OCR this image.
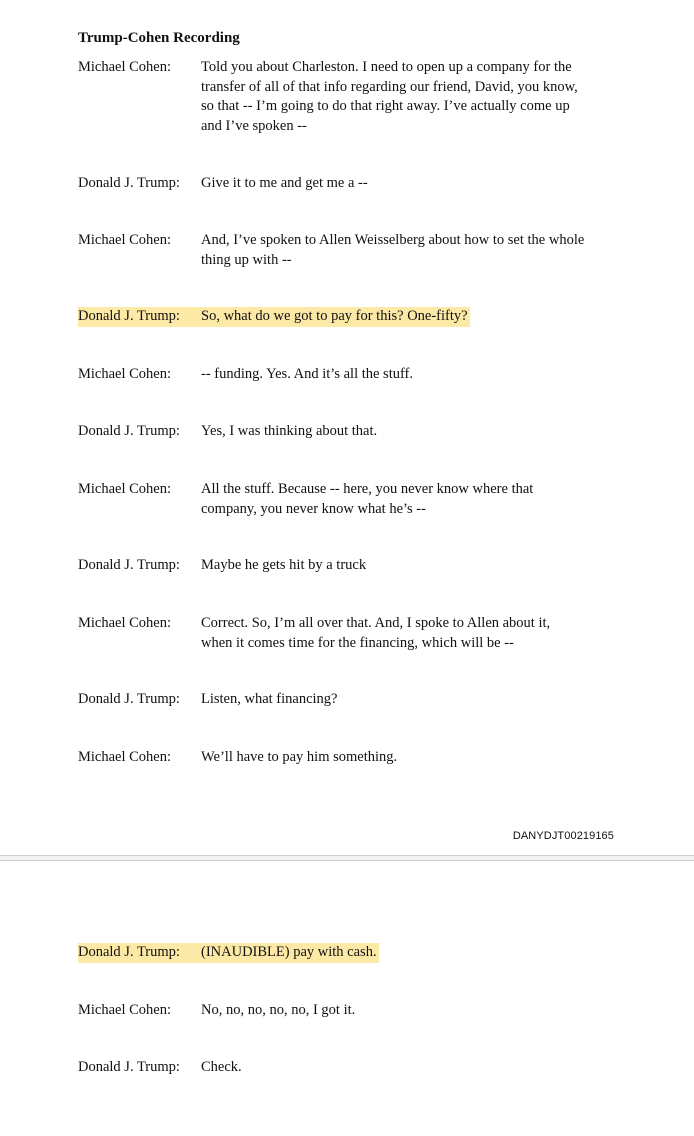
Trump-Cohen Recording
Michael Cohen: Told you about Charleston. I need to open up a company for the
transfer of all of that info regarding our friend, David, you know,
so that -- I’m going to do that right away. I’ve actually come up
and I’ve spoken --
Donald J. Trump: Give it to me and get me a --
Michael Cohen: And, I’ve spoken to Allen Weisselberg about how to set the whole
thing up with --
Donald J. Trump: So, what do we got to pay for this? One-fifty?
Michael Cohen: -- funding. Yes. And it’s all the stuff.
Donald J. Trump: Yes, I was thinking about that.
Michael Cohen: All the stuff. Because -- here, you never know where that
company, you never know what he’s --
Donald J. Trump: Maybe he gets hit by a truck
Michael Cohen: Correct. So, I’m all over that. And, I spoke to Allen about it,
when it comes time for the financing, which will be --
Donald J. Trump: Listen, what financing?
Michael Cohen: We’ll have to pay him something.
DANYDJT00219165
Donald J. Trump: (INAUDIBLE) pay with cash.
Michael Cohen: No, no, no, no, no, I got it.
Donald J. Trump: Check.
